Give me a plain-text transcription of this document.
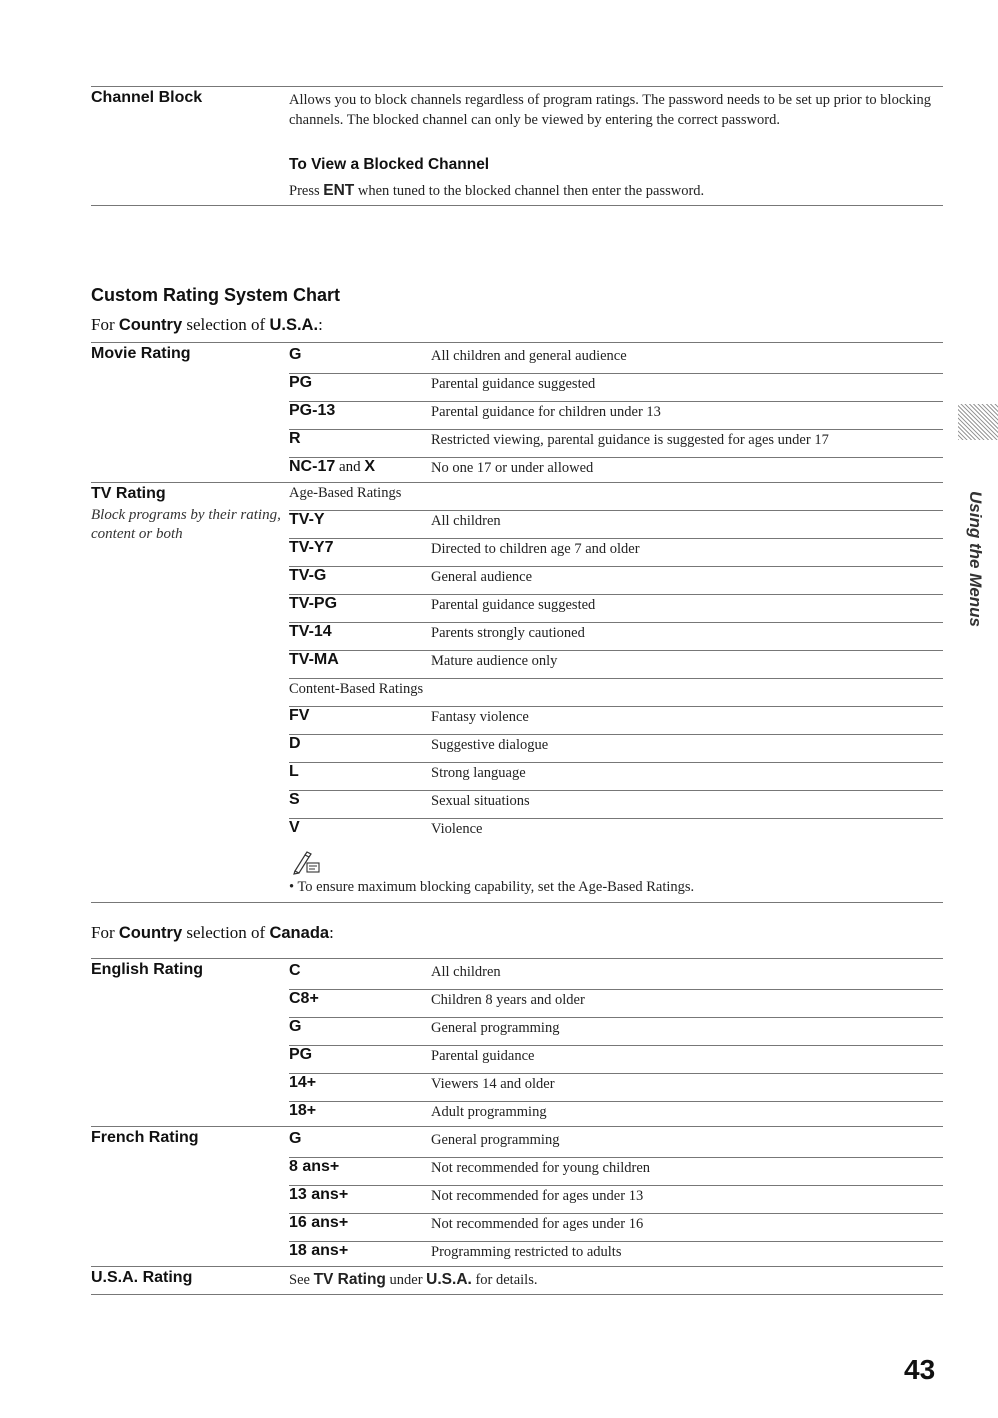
Channel Block	Allows you to block channels regardless of program ratings. The password needs to be set up prior to blocking channels. The blocked channel can only be viewed by entering the correct password.
To View a Blocked Channel
Press ENT when tuned to the blocked channel then enter the password.
Custom Rating System Chart
For Country selection of U.S.A.:
Movie Rating	G	All children and general audience
PG	Parental guidance suggested
PG-13	Parental guidance for children under 13
R	Restricted viewing, parental guidance is suggested for ages under 17
NC-17 and X	No one 17 or under allowed
TV Rating
Block programs by their rating, content or both
Age-Based Ratings
TV-Y	All children
TV-Y7	Directed to children age 7 and older
TV-G	General audience
TV-PG	Parental guidance suggested
TV-14	Parents strongly cautioned
TV-MA	Mature audience only
Content-Based Ratings
FV	Fantasy violence
D	Suggestive dialogue
L	Strong language
S	Sexual situations
V	Violence
• To ensure maximum blocking capability, set the Age-Based Ratings.
For Country selection of Canada:
English Rating	C	All children
C8+	Children 8 years and older
G	General programming
PG	Parental guidance
14+	Viewers 14 and older
18+	Adult programming
French Rating	G	General programming
8 ans+	Not recommended for young children
13 ans+	Not recommended for ages under 13
16 ans+	Not recommended for ages under 16
18 ans+	Programming restricted to adults
U.S.A. Rating	See TV Rating under U.S.A. for details.
Using the Menus
43
